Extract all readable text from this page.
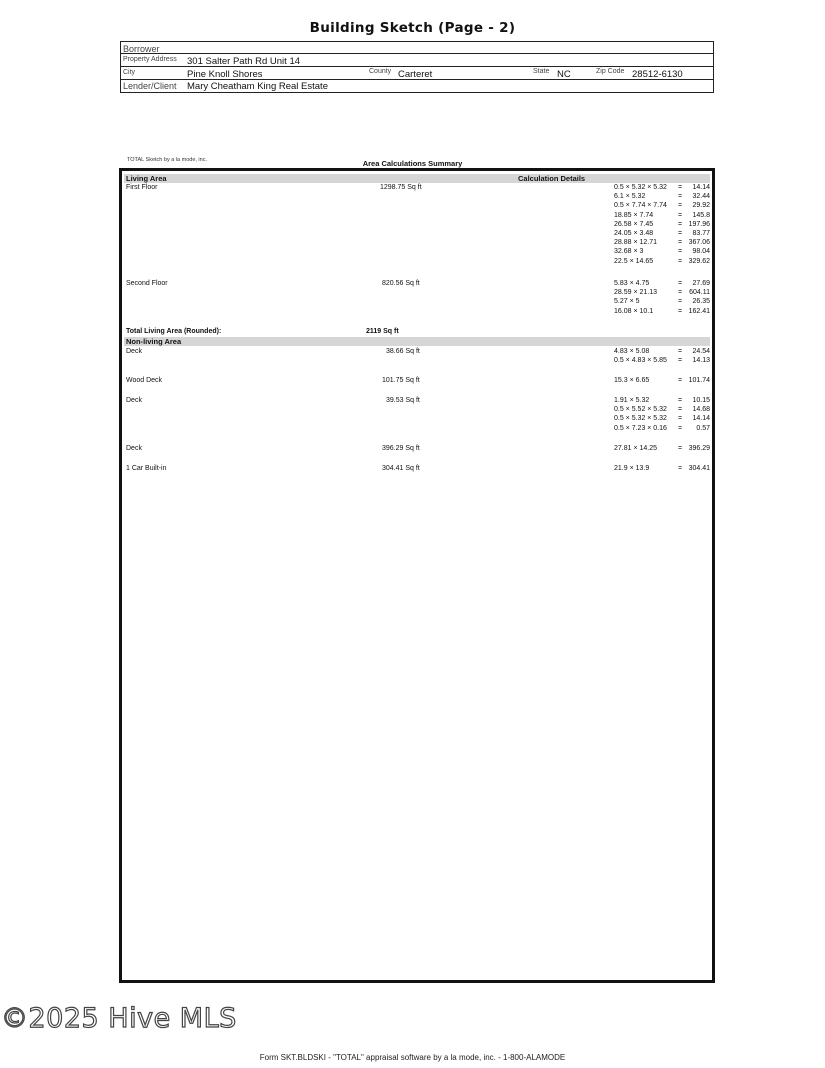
Building Sketch (Page - 2)
Borrower
Property Address 301 Salter Path Rd Unit 14
City	Pine Knoll Shores	County Carteret	State NC	Zip Code 28512-6130
Lender/Client Mary Cheatham King Real Estate
TOTAL Sketch by a la mode, inc.	Area Calculations Summary
Living Area	Calculation Details
First Floor	1298.75 Sq ft	0.5 × 5.32 × 5.32 = 14.14
6.1 × 5.32	= 32.44
0.5 × 7.74 × 7.74 = 29.92
18.85 × 7.74	= 145.8
26.58 × 7.45	= 197.96
24.05 × 3.48	= 83.77
28.88 × 12.71	= 367.06
32.68 × 3	= 98.04
22.5 × 14.65	= 329.62
Second Floor	820.56 Sq ft	5.83 × 4.75	= 27.69
28.59 × 21.13	= 604.11
5.27 × 5	= 26.35
16.08 × 10.1	= 162.41
Total Living Area (Rounded):	2119 Sq ft
Non-living Area
Deck	38.66 Sq ft	4.83 × 5.08	= 24.54
0.5 × 4.83 × 5.85 = 14.13
Wood Deck	101.75 Sq ft	15.3 × 6.65	= 101.74
Deck	39.53 Sq ft	1.91 × 5.32	= 10.15
0.5 × 5.52 × 5.32 = 14.68
0.5 × 5.32 × 5.32 = 14.14
0.5 × 7.23 × 0.16 = 0.57
Deck	396.29 Sq ft	27.81 × 14.25	= 396.29
1 Car Built-in	304.41 Sq ft	21.9 × 13.9	= 304.41
©2025 Hive MLS
Form SKT.BLDSKI - "TOTAL" appraisal software by a la mode, inc. - 1-800-ALAMODE
